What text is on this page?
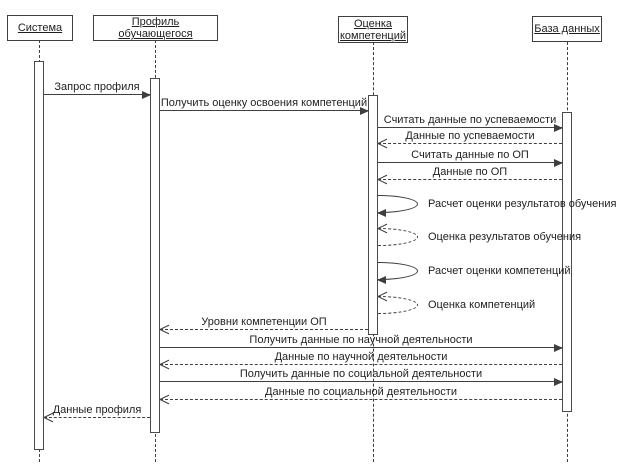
Система	Профиль обучающегося
Оценка компетенций
База данных
Запрос профиля
Получить оценку освоения компетенций
Считать данные по успеваемости
Данные по успеваемости
Считать данные по ОП
Данные по ОП
Расчет оценки результатов обучения
Оценка результатов обучения
Расчет оценки компетенций
Оценка компетенций
Уровни компетенции ОП
Получить данные по научной деятельности
Данные по научной деятельности
Получить данные по социальной деятельности
Данные по социальной деятельности
Данные профиля
